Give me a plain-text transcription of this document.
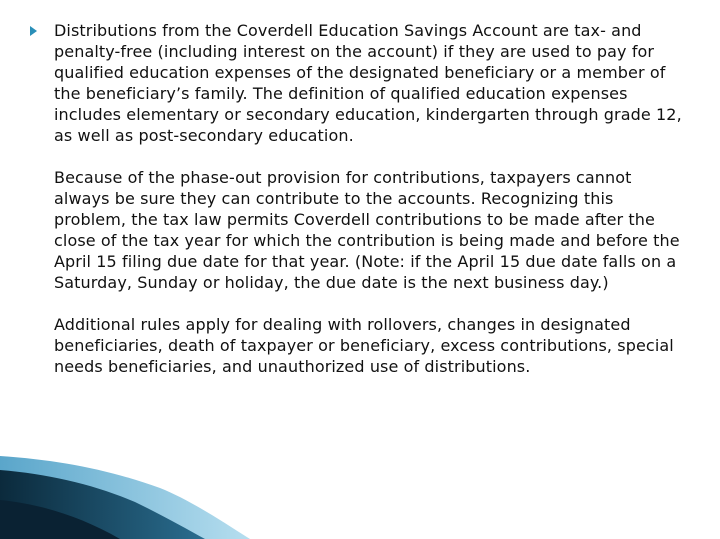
Distributions from the Coverdell Education Savings Account are tax- and penalty-free (including interest on the account) if they are used to pay for qualified education expenses of the designated beneficiary or a member of the beneficiary’s family. The definition of qualified education expenses includes elementary or secondary education, kindergarten through grade 12, as well as post-secondary education.

Because of the phase-out provision for contributions, taxpayers cannot always be sure they can contribute to the accounts. Recognizing this problem, the tax law permits Coverdell contributions to be made after the close of the tax year for which the contribution is being made and before the April 15 filing due date for that year. (Note: if the April 15 due date falls on a Saturday, Sunday or holiday, the due date is the next business day.)

Additional rules apply for dealing with rollovers, changes in designated beneficiaries, death of taxpayer or beneficiary, excess contributions, special needs beneficiaries, and unauthorized use of distributions.
